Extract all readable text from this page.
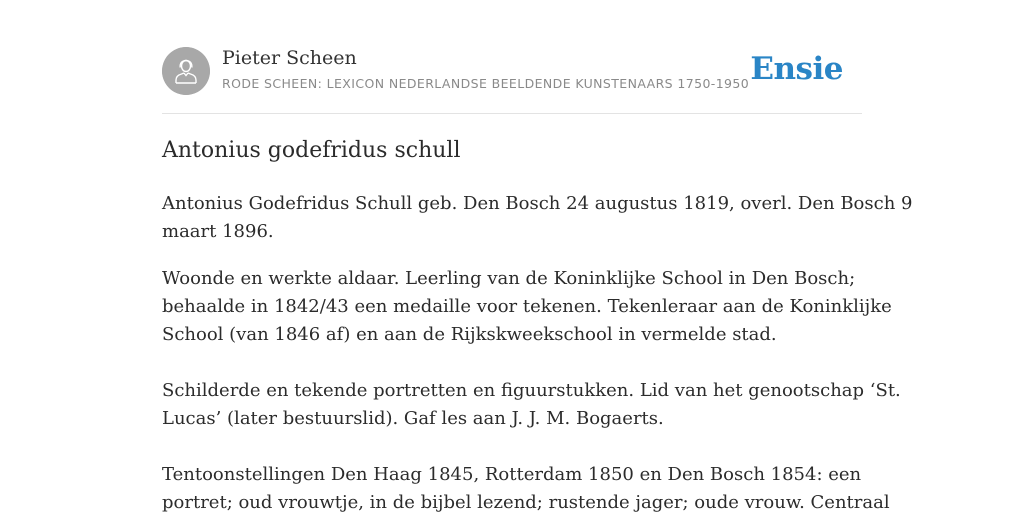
Pieter Scheen
RODE SCHEEN: LEXICON NEDERLANDSE BEELDENDE KUNSTENAARS 1750-1950 Ensie
Antonius godefridus schull

Antonius Godefridus Schull geb. Den Bosch 24 augustus 1819, overl. Den Bosch 9

maart 1896.

Woonde en werkte aldaar. Leerling van de Koninklijke School in Den Bosch;

behaalde in 1842/43 een medaille voor tekenen. Tekenleraar aan de Koninklijke

School (van 1846 af) en aan de Rijkskweekschool in vermelde stad.

Schilderde en tekende portretten en figuurstukken. Lid van het genootschap ‘St.

Lucas’ (later bestuurslid). Gaf les aan J. J. M. Bogaerts.

Tentoonstellingen Den Haag 1845, Rotterdam 1850 en Den Bosch 1854: een

portret; oud vrouwtje, in de bijbel lezend; rustende jager; oude vrouw. Centraal
